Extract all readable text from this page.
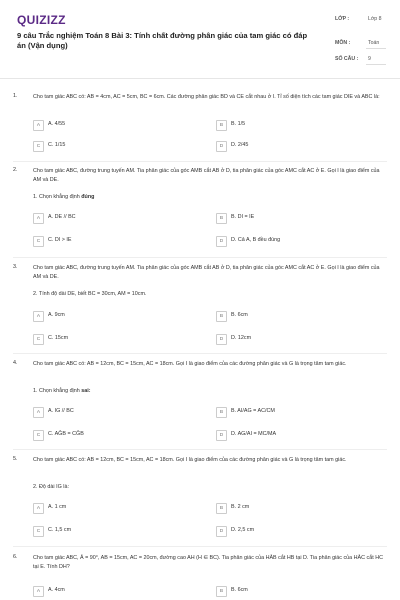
QUIZIZZ
9 câu Trắc nghiệm Toán 8 Bài 3: Tính chất đường phân giác của tam giác có đáp án (Vận dụng)
LỚP :	Lớp 8
MÔN :	Toán
SỐ CÂU :	9
1.	Cho tam giác ABC có: AB = 4cm, AC = 5cm, BC = 6cm. Các đường phân giác BD và CE cắt nhau ở I. Tỉ số diện tích các tam giác DIE và ABC là:
A	A. 4/55	B	B. 1/5
C	C. 1/15	D	D. 2/45
2.	Cho tam giác ABC, đường trung tuyến AM. Tia phân giác của góc AMB cắt AB ở D, tia phân giác của góc AMC cắt AC ở E. Gọi I là giao điểm của AM và DE.
1. Chọn khẳng định đúng
A	A. DE // BC	B	B. DI = IE
C	C. DI > IE	D	D. Cả A, B đều đúng
3.	Cho tam giác ABC, đường trung tuyến AM. Tia phân giác của góc AMB cắt AB ở D, tia phân giác của góc AMC cắt AC ở E. Gọi I là giao điểm của AM và DE.
2. Tính độ dài DE, biết BC = 30cm, AM = 10cm.
A	A. 9cm	B	B. 6cm
C	C. 15cm	D	D. 12cm
4.	Cho tam giác ABC có: AB = 12cm, BC = 15cm, AC = 18cm. Gọi I là giao điểm của các đường phân giác và G là trọng tâm tam giác.
1. Chọn khẳng định sai:
A	A. IG // BC	B	B. AI/AG = AC/CM
C	C. AĜB = CĜB	D	D. AG/AI = MC/MA
5.	Cho tam giác ABC có: AB = 12cm, BC = 15cm, AC = 18cm. Gọi I là giao điểm của các đường phân giác và G là trọng tâm tam giác.
2. Độ dài IG là:
A	A. 1 cm	B	B. 2 cm
C	C. 1,5 cm	D	D. 2,5 cm
6.	Cho tam giác ABC, Â = 90°, AB = 15cm, AC = 20cm, đường cao AH (H ∈ BC). Tia phân giác của HÂB cắt HB tại D. Tia phân giác của HÂC cắt HC tại E. Tính DH?
A	A. 4cm	B	B. 6cm
